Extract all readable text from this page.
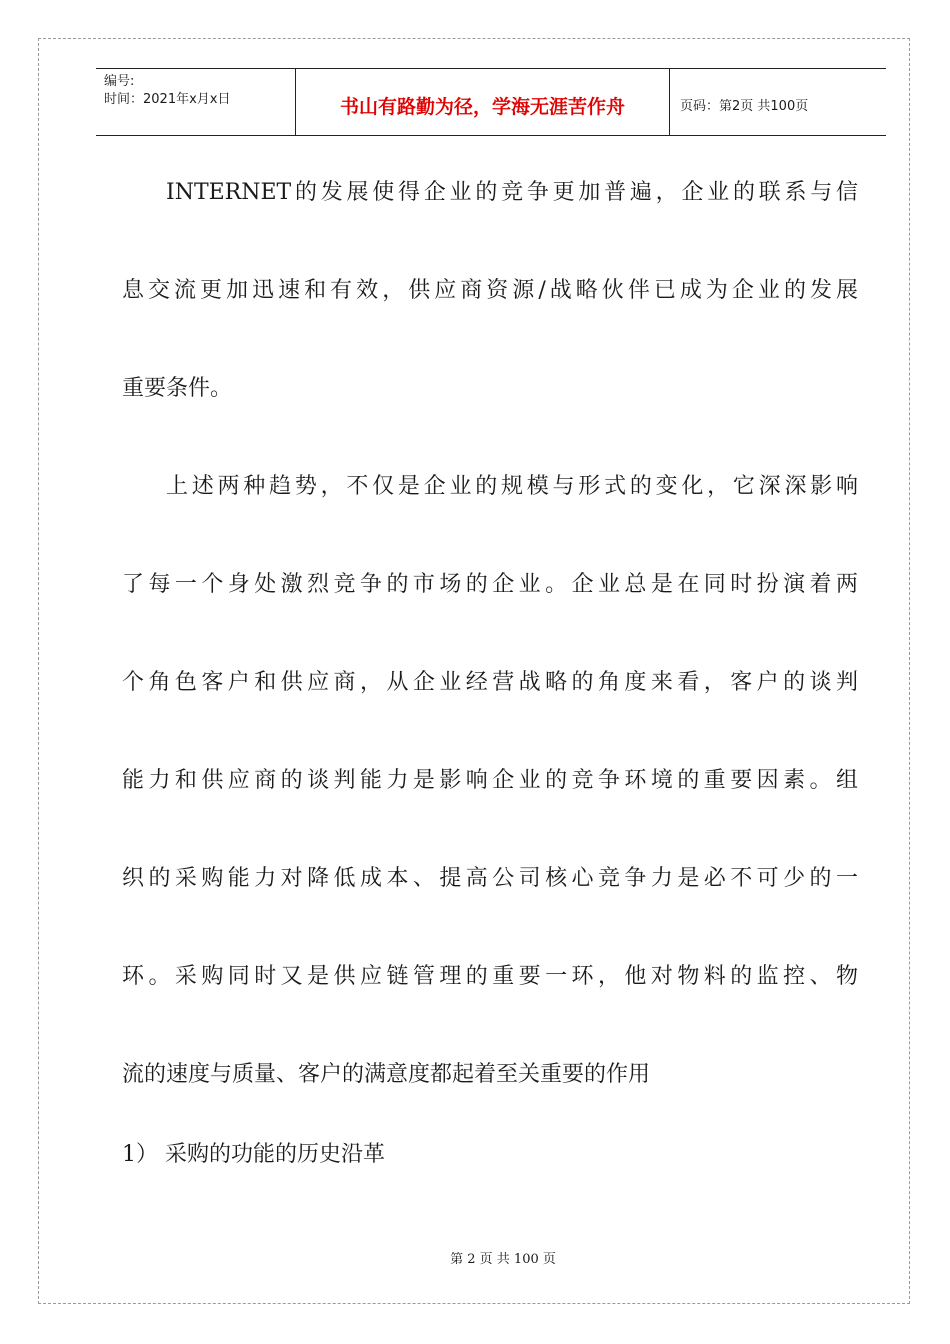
编号:
时间：2021年x月x日	书山有路勤为径，学海无涯苦作舟	页码：第2页 共100页
INTERNET的发展使得企业的竞争更加普遍，企业的联系与信
息交流更加迅速和有效，供应商资源/战略伙伴已成为企业的发展
重要条件。
上述两种趋势，不仅是企业的规模与形式的变化，它深深影响
了每一个身处激烈竞争的市场的企业。企业总是在同时扮演着两
个角色客户和供应商，从企业经营战略的角度来看，客户的谈判
能力和供应商的谈判能力是影响企业的竞争环境的重要因素。组
织的采购能力对降低成本、提高公司核心竞争力是必不可少的一
环。采购同时又是供应链管理的重要一环，他对物料的监控、物
流的速度与质量、客户的满意度都起着至关重要的作用
1） 采购的功能的历史沿革
第 2 页 共 100 页
